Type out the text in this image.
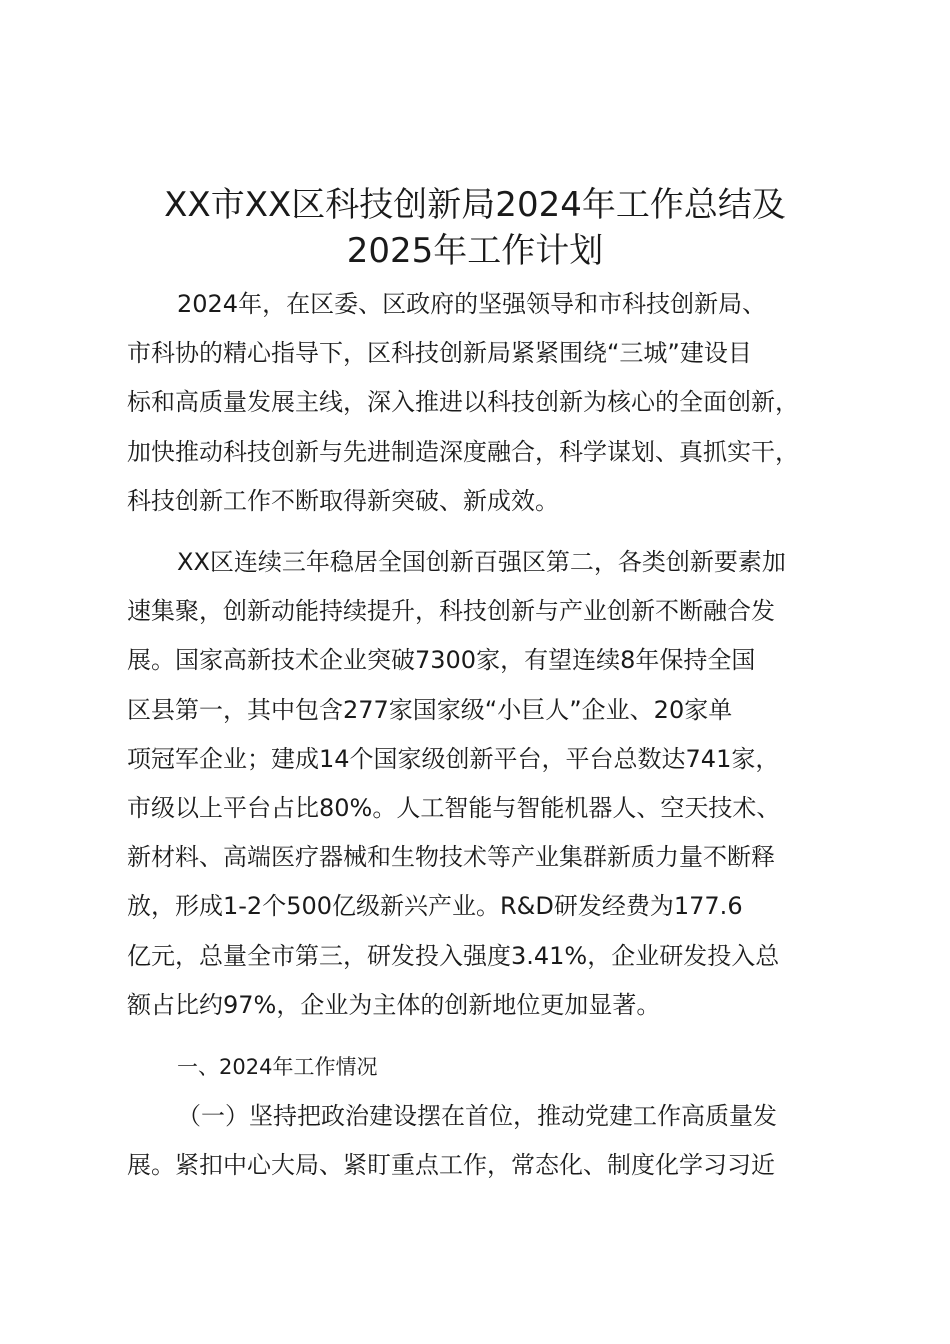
XX市XX区科技创新局2024年工作总结及
2025年工作计划

2024年，在区委、区政府的坚强领导和市科技创新局、
市科协的精心指导下，区科技创新局紧紧围绕“三城”建设目
标和高质量发展主线，深入推进以科技创新为核心的全面创新，
加快推动科技创新与先进制造深度融合，科学谋划、真抓实干，
科技创新工作不断取得新突破、新成效。

XX区连续三年稳居全国创新百强区第二，各类创新要素加
速集聚，创新动能持续提升，科技创新与产业创新不断融合发
展。国家高新技术企业突破7300家，有望连续8年保持全国
区县第一，其中包含277家国家级“小巨人”企业、20家单
项冠军企业；建成14个国家级创新平台，平台总数达741家，
市级以上平台占比80%。人工智能与智能机器人、空天技术、
新材料、高端医疗器械和生物技术等产业集群新质力量不断释
放，形成1-2个500亿级新兴产业。R&D研发经费为177.6
亿元，总量全市第三，研发投入强度3.41%，企业研发投入总
额占比约97%，企业为主体的创新地位更加显著。

一、2024年工作情况

（一）坚持把政治建设摆在首位，推动党建工作高质量发
展。紧扣中心大局、紧盯重点工作，常态化、制度化学习习近
